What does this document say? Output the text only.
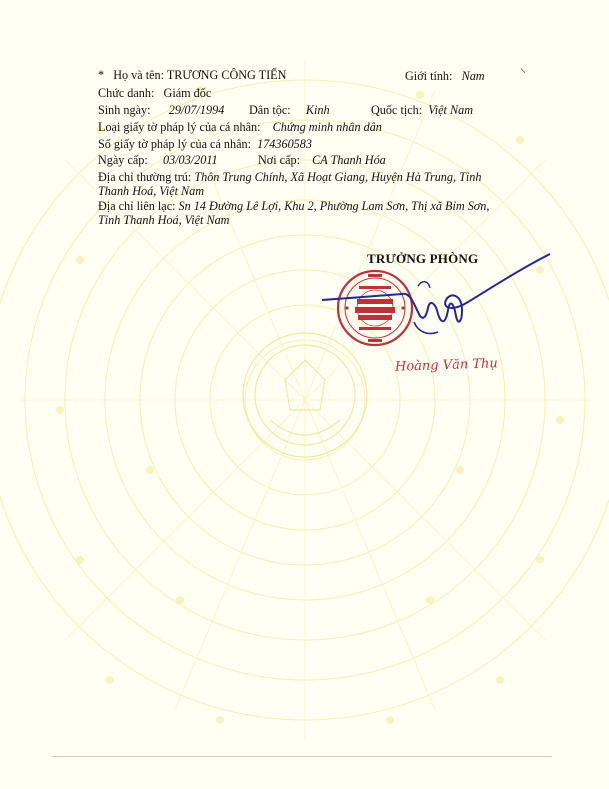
* Họ và tên: TRƯƠNG CÔNG TIẾN	Giới tính: Nam	⸌
Chức danh: Giám đốc
Sinh ngày: 29/07/1994 Dân tộc: Kinh	Quốc tịch: Việt Nam
Loại giấy tờ pháp lý của cá nhân: Chứng minh nhân dân
Số giấy tờ pháp lý của cá nhân: 174360583
Ngày cấp: 03/03/2011	Nơi cấp: CA Thanh Hóa
Địa chỉ thường trú: Thôn Trung Chính, Xã Hoạt Giang, Huyện Hà Trung, Tỉnh Thanh Hoá, Việt Nam
Địa chỉ liên lạc: Sn 14 Đường Lê Lợi, Khu 2, Phường Lam Sơn, Thị xã Bỉm Sơn, Tỉnh Thanh Hoá, Việt Nam
TRƯỞNG PHÒNG
Hoàng Văn Thụ
